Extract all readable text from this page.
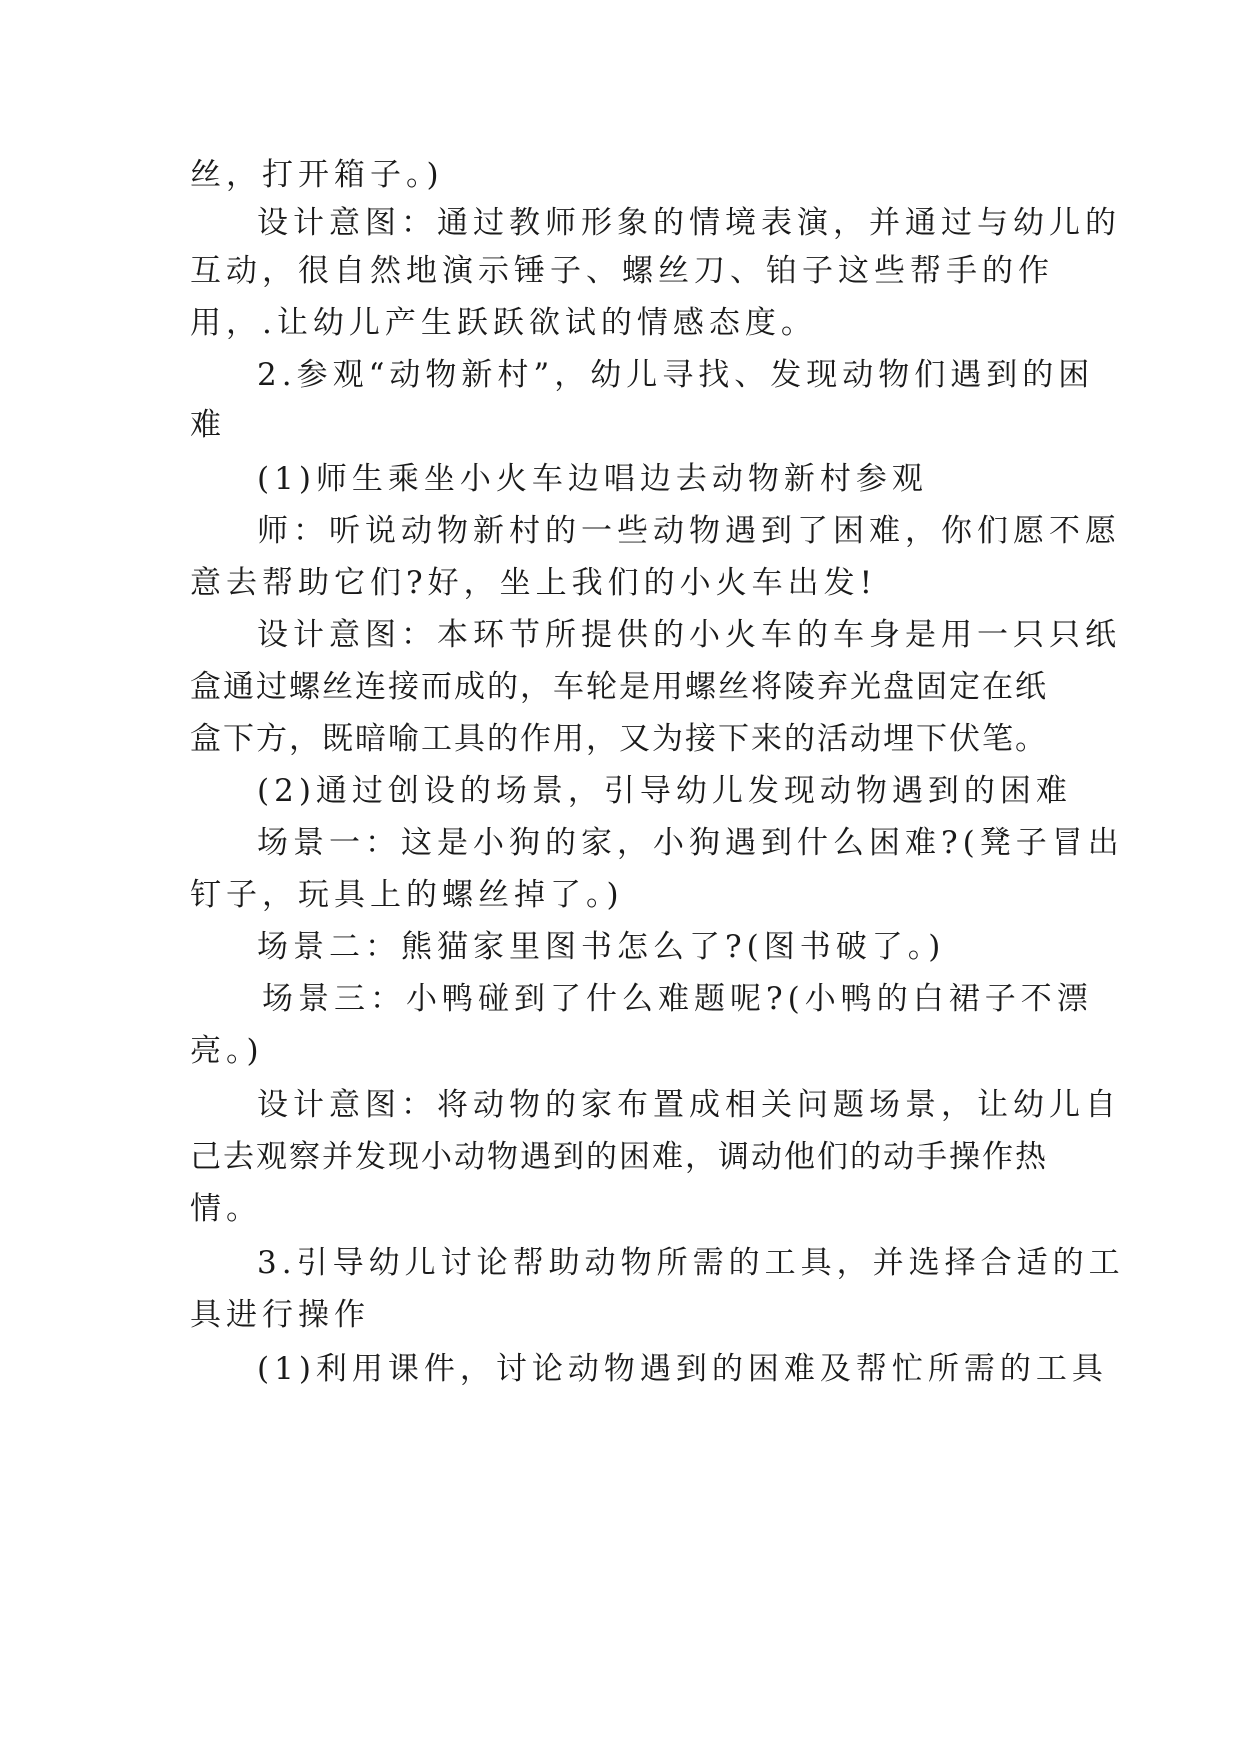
丝，打开箱子。)
设计意图：通过教师形象的情境表演，并通过与幼儿的
互动，很自然地演示锤子、螺丝刀、铂子这些帮手的作
用，.让幼儿产生跃跃欲试的情感态度。
2.参观“动物新村”，幼儿寻找、发现动物们遇到的困
难
(1)师生乘坐小火车边唱边去动物新村参观
师：听说动物新村的一些动物遇到了困难，你们愿不愿
意去帮助它们?好，坐上我们的小火车出发!
设计意图：本环节所提供的小火车的车身是用一只只纸
盒通过螺丝连接而成的，车轮是用螺丝将陵弃光盘固定在纸
盒下方，既暗喻工具的作用，又为接下来的活动埋下伏笔。
(2)通过创设的场景，引导幼儿发现动物遇到的困难
场景一：这是小狗的家，小狗遇到什么困难?(凳子冒出
钉子，玩具上的螺丝掉了。)
场景二：熊猫家里图书怎么了?(图书破了。)
场景三：小鸭碰到了什么难题呢?(小鸭的白裙子不漂
亮。)
设计意图：将动物的家布置成相关问题场景，让幼儿自
己去观察并发现小动物遇到的困难，调动他们的动手操作热
情。
3.引导幼儿讨论帮助动物所需的工具，并选择合适的工
具进行操作
(1)利用课件，讨论动物遇到的困难及帮忙所需的工具
